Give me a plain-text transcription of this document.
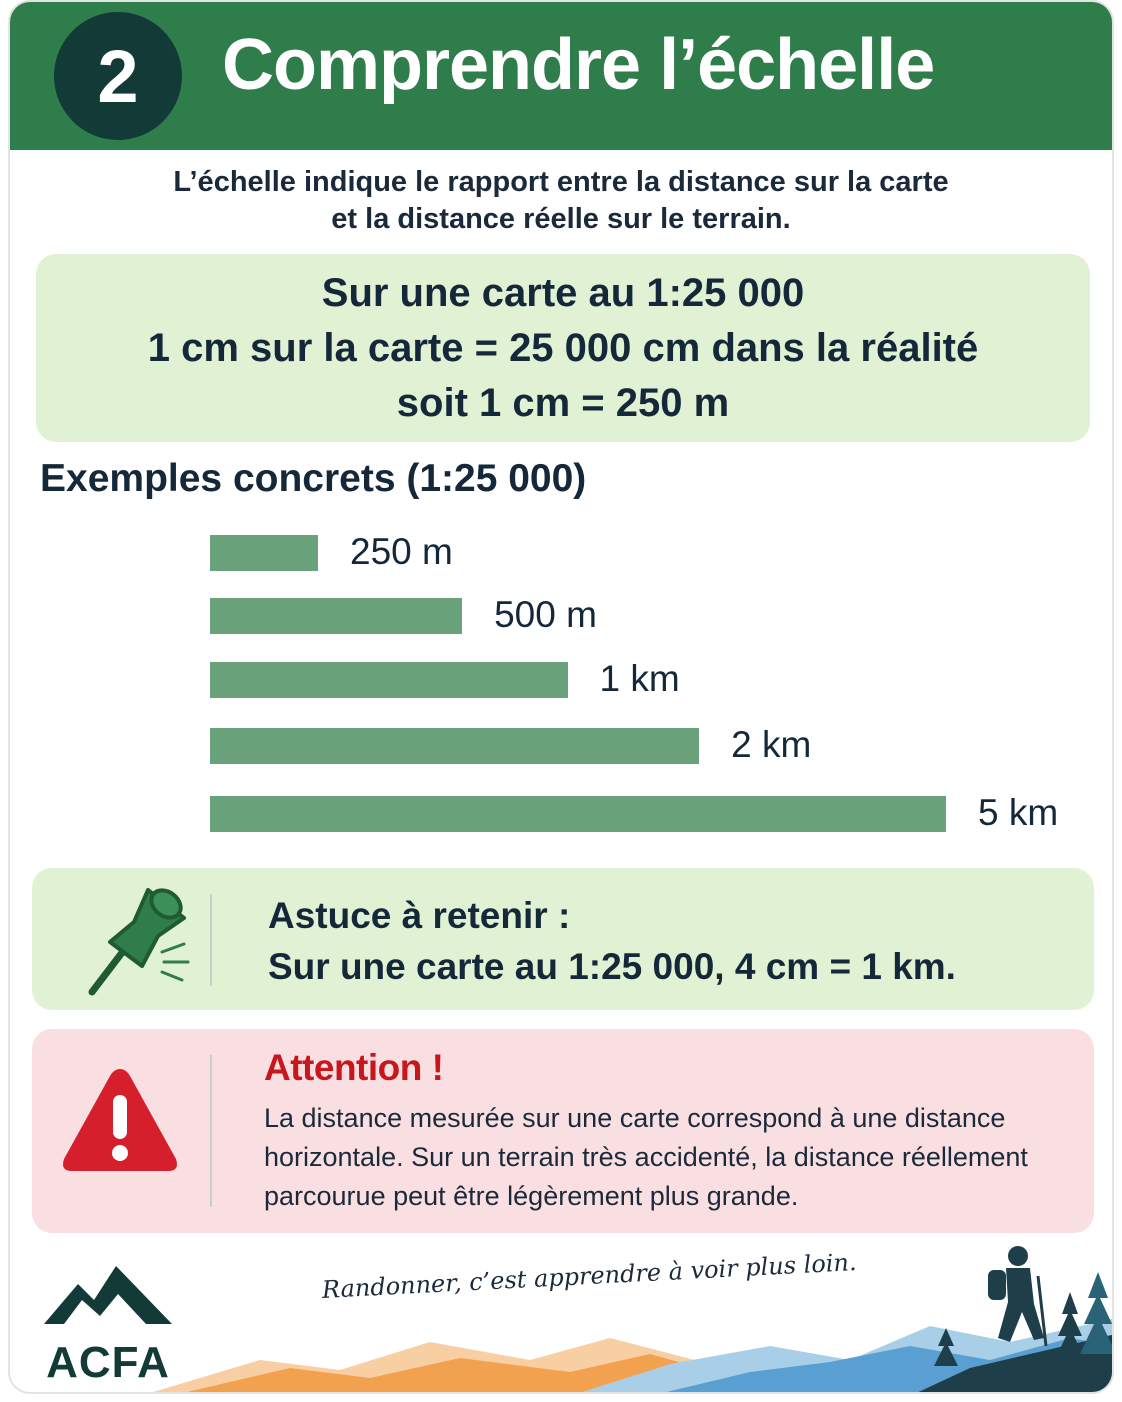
2	Comprendre l’échelle
L’échelle indique le rapport entre la distance sur la carte
et la distance réelle sur le terrain.
Sur une carte au 1:25 000
1 cm sur la carte = 25 000 cm dans la réalité
soit 1 cm = 250 m
Exemples concrets (1:25 000)
250 m
500 m
1 km
2 km
5 km
Astuce à retenir :
Sur une carte au 1:25 000, 4 cm = 1 km.
Attention !
La distance mesurée sur une carte correspond à une distance horizontale. Sur un terrain très accidenté, la distance réellement parcourue peut être légèrement plus grande.
ACFA
Randonner, c’est apprendre à voir plus loin.
